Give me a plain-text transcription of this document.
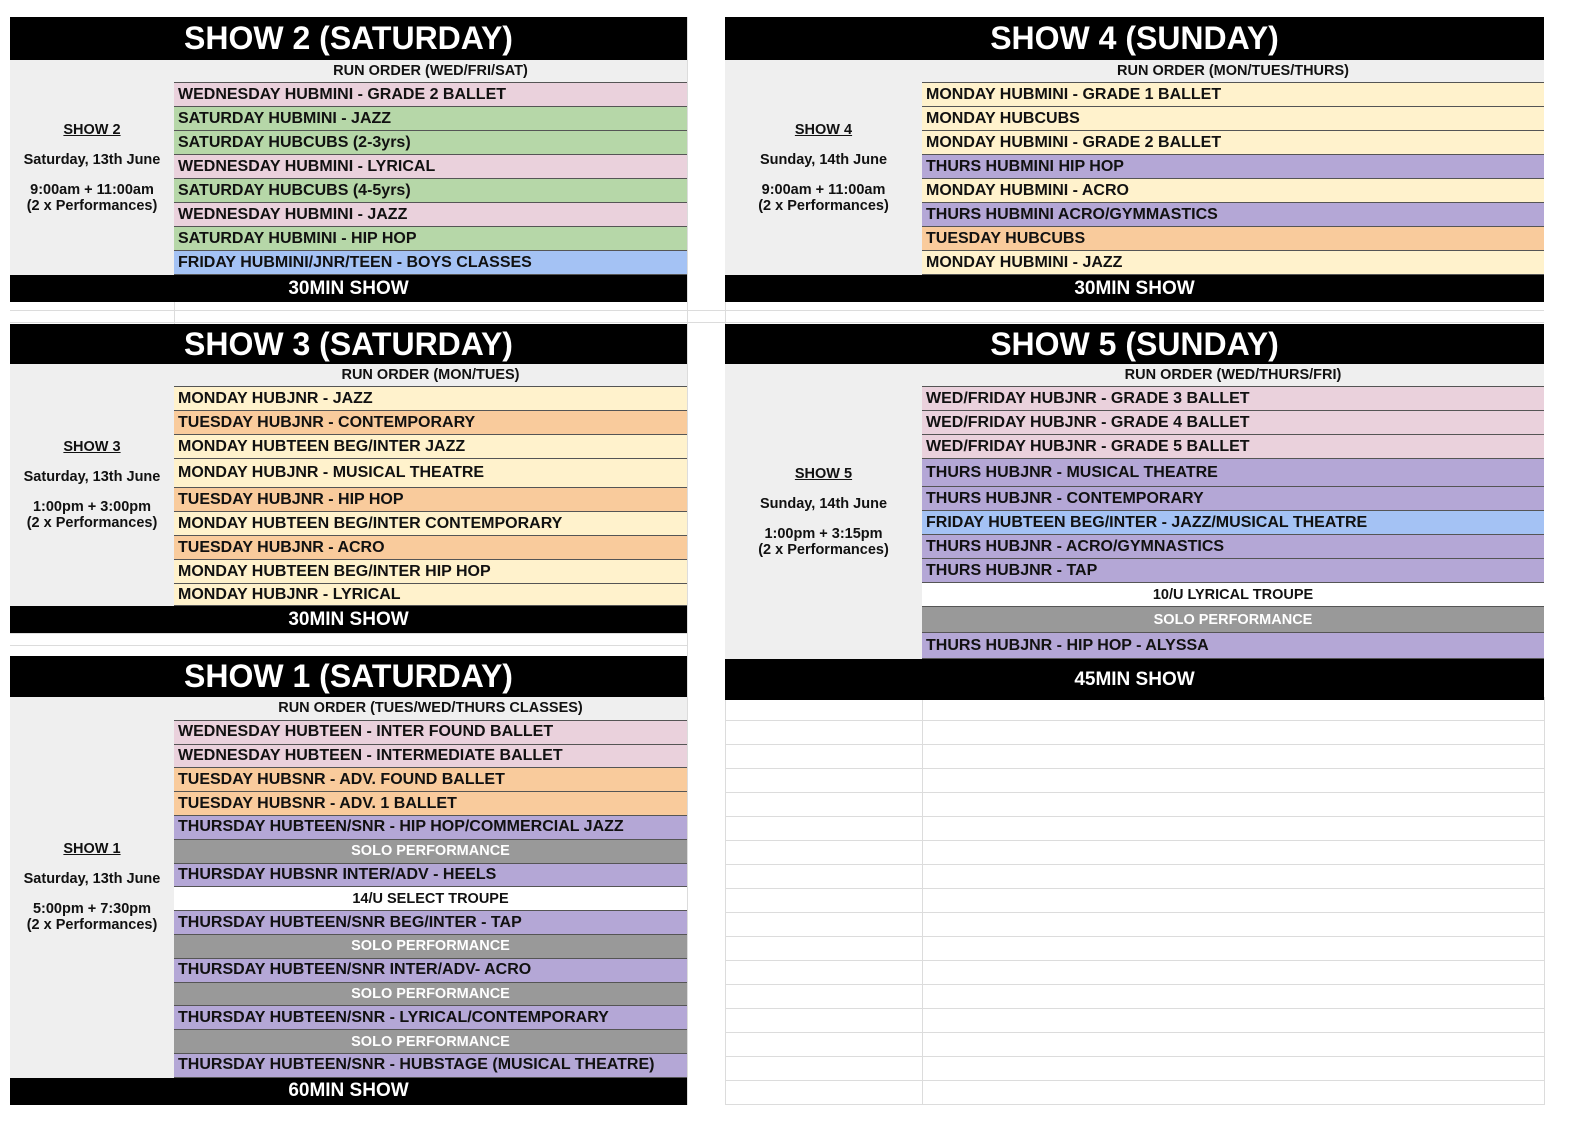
SHOW 2 (SATURDAY)
SHOW 2
Saturday, 13th June
9:00am + 11:00am
(2 x Performances)
RUN ORDER (WED/FRI/SAT)
WEDNESDAY HUBMINI - GRADE 2 BALLET
SATURDAY HUBMINI - JAZZ
SATURDAY HUBCUBS (2-3yrs)
WEDNESDAY HUBMINI - LYRICAL
SATURDAY HUBCUBS (4-5yrs)
WEDNESDAY HUBMINI - JAZZ
SATURDAY HUBMINI - HIP HOP
FRIDAY HUBMINI/JNR/TEEN - BOYS CLASSES
30MIN SHOW
SHOW 4 (SUNDAY)
SHOW 4
Sunday, 14th June
9:00am + 11:00am
(2 x Performances)
RUN ORDER (MON/TUES/THURS)
MONDAY HUBMINI - GRADE 1 BALLET
MONDAY HUBCUBS
MONDAY HUBMINI - GRADE 2 BALLET
THURS HUBMINI HIP HOP
MONDAY HUBMINI - ACRO
THURS HUBMINI ACRO/GYMMASTICS
TUESDAY HUBCUBS
MONDAY HUBMINI - JAZZ
30MIN SHOW
SHOW 3 (SATURDAY)
SHOW 3
Saturday, 13th June
1:00pm + 3:00pm
(2 x Performances)
RUN ORDER (MON/TUES)
MONDAY HUBJNR - JAZZ
TUESDAY HUBJNR - CONTEMPORARY
MONDAY HUBTEEN BEG/INTER JAZZ
MONDAY HUBJNR - MUSICAL THEATRE
TUESDAY HUBJNR - HIP HOP
MONDAY HUBTEEN BEG/INTER CONTEMPORARY
TUESDAY HUBJNR - ACRO
MONDAY HUBTEEN BEG/INTER HIP HOP
MONDAY HUBJNR - LYRICAL
30MIN SHOW
SHOW 5 (SUNDAY)
SHOW 5
Sunday, 14th June
1:00pm + 3:15pm
(2 x Performances)
RUN ORDER (WED/THURS/FRI)
WED/FRIDAY HUBJNR - GRADE 3 BALLET
WED/FRIDAY HUBJNR - GRADE 4 BALLET
WED/FRIDAY HUBJNR - GRADE 5 BALLET
THURS HUBJNR - MUSICAL THEATRE
THURS HUBJNR - CONTEMPORARY
FRIDAY HUBTEEN BEG/INTER - JAZZ/MUSICAL THEATRE
THURS HUBJNR - ACRO/GYMNASTICS
THURS HUBJNR - TAP
10/U LYRICAL TROUPE
SOLO PERFORMANCE
THURS HUBJNR - HIP HOP - ALYSSA
45MIN SHOW
SHOW 1 (SATURDAY)
SHOW 1
Saturday, 13th June
5:00pm + 7:30pm
(2 x Performances)
RUN ORDER (TUES/WED/THURS CLASSES)
WEDNESDAY HUBTEEN - INTER FOUND BALLET
WEDNESDAY HUBTEEN - INTERMEDIATE BALLET
TUESDAY HUBSNR - ADV. FOUND BALLET
TUESDAY HUBSNR - ADV. 1 BALLET
THURSDAY HUBTEEN/SNR - HIP HOP/COMMERCIAL JAZZ
SOLO PERFORMANCE
THURSDAY HUBSNR INTER/ADV - HEELS
14/U SELECT TROUPE
THURSDAY HUBTEEN/SNR BEG/INTER - TAP
SOLO PERFORMANCE
THURSDAY HUBTEEN/SNR INTER/ADV- ACRO
SOLO PERFORMANCE
THURSDAY HUBTEEN/SNR - LYRICAL/CONTEMPORARY
SOLO PERFORMANCE
THURSDAY HUBTEEN/SNR - HUBSTAGE (MUSICAL THEATRE)
60MIN SHOW
